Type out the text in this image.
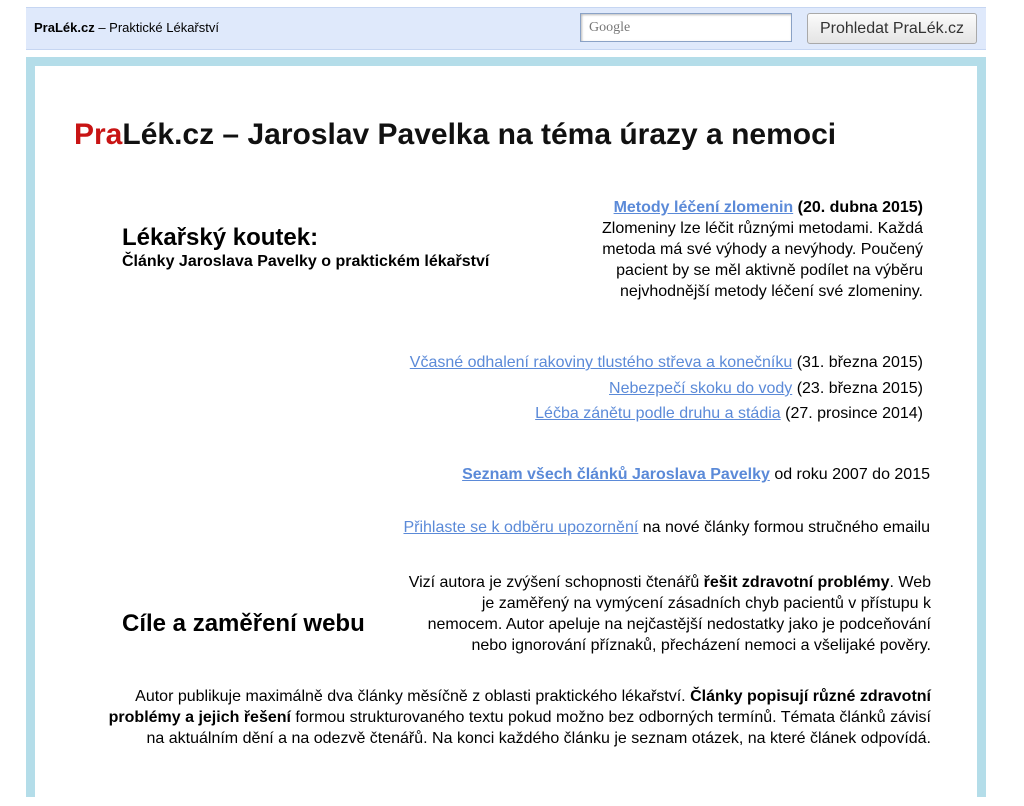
PraLék.cz – Praktické Lékařství	Google	Prohledat PraLék.cz
PraLék.cz – Jaroslav Pavelka na téma úrazy a nemoci
Lékařský koutek:
Články Jaroslava Pavelky o praktickém lékařství
Metody léčení zlomenin (20. dubna 2015)
Zlomeniny lze léčit různými metodami. Každá metoda má své výhody a nevýhody. Poučený pacient by se měl aktivně podílet na výběru nejvhodnější metody léčení své zlomeniny.
Včasné odhalení rakoviny tlustého střeva a konečníku (31. března 2015)
Nebezpečí skoku do vody (23. března 2015)
Léčba zánětu podle druhu a stádia (27. prosince 2014)
Seznam všech článků Jaroslava Pavelky od roku 2007 do 2015
Přihlaste se k odběru upozornění na nové články formou stručného emailu
Cíle a zaměření webu
Vizí autora je zvýšení schopnosti čtenářů řešit zdravotní problémy. Web je zaměřený na vymýcení zásadních chyb pacientů v přístupu k nemocem. Autor apeluje na nejčastější nedostatky jako je podceňování nebo ignorování příznaků, přecházení nemoci a všelijaké pověry.
Autor publikuje maximálně dva články měsíčně z oblasti praktického lékařství. Články popisují různé zdravotní problémy a jejich řešení formou strukturovaného textu pokud možno bez odborných termínů. Témata článků závisí na aktuálním dění a na odezvě čtenářů. Na konci každého článku je seznam otázek, na které článek odpovídá.
